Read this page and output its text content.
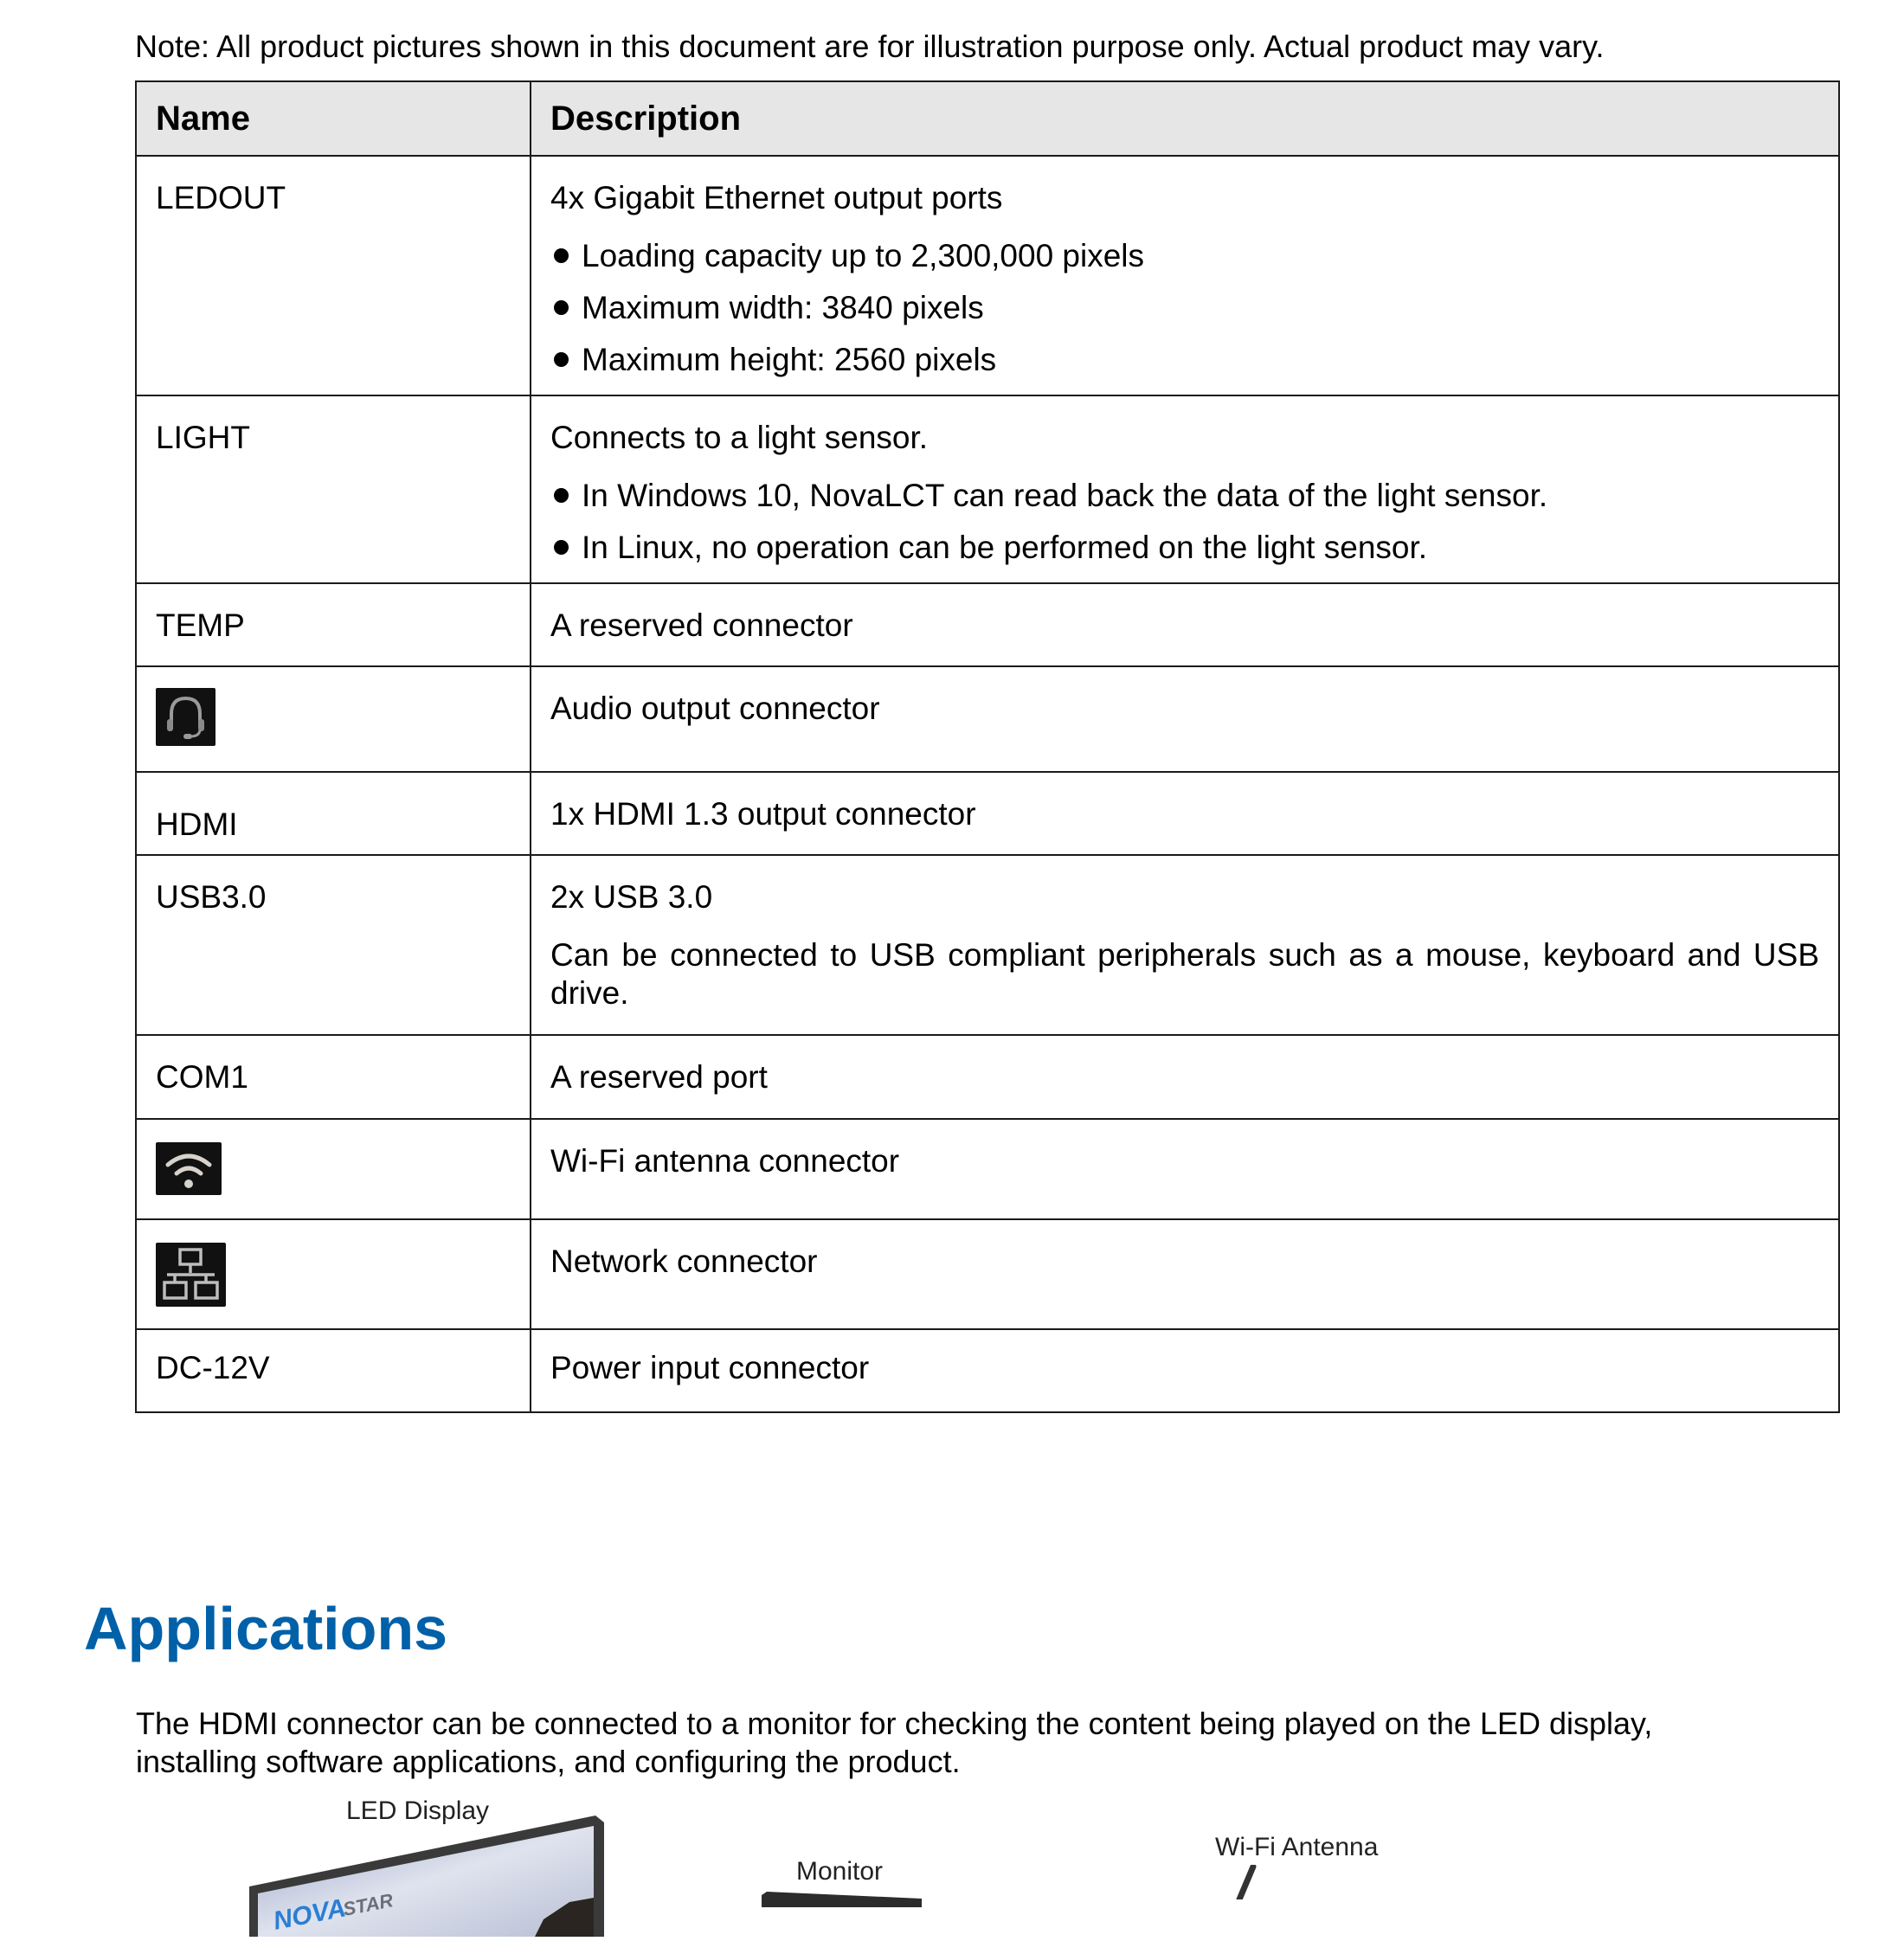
Note: All product pictures shown in this document are for illustration purpose only. Actual product may vary.
Name	Description
LEDOUT	4x Gigabit Ethernet output ports
Loading capacity up to 2,300,000 pixels
Maximum width: 3840 pixels
Maximum height: 2560 pixels

LIGHT	Connects to a light sensor.
In Windows 10, NovaLCT can read back the data of the light sensor.
In Linux, no operation can be performed on the light sensor.

TEMP	A reserved connector
	Audio output connector
HDMI	1x HDMI 1.3 output connector
USB3.0	2x USB 3.0

Can be connected to USB compliant peripherals such as a mouse, keyboard and USB drive.

COM1	A reserved port
	Wi-Fi antenna connector
	Network connector
DC-12V	Power input connector
Applications
The HDMI connector can be connected to a monitor for checking the content being played on the LED display, installing software applications, and configuring the product.
LED Display
Monitor
Wi-Fi Antenna
NOVA
STAR
